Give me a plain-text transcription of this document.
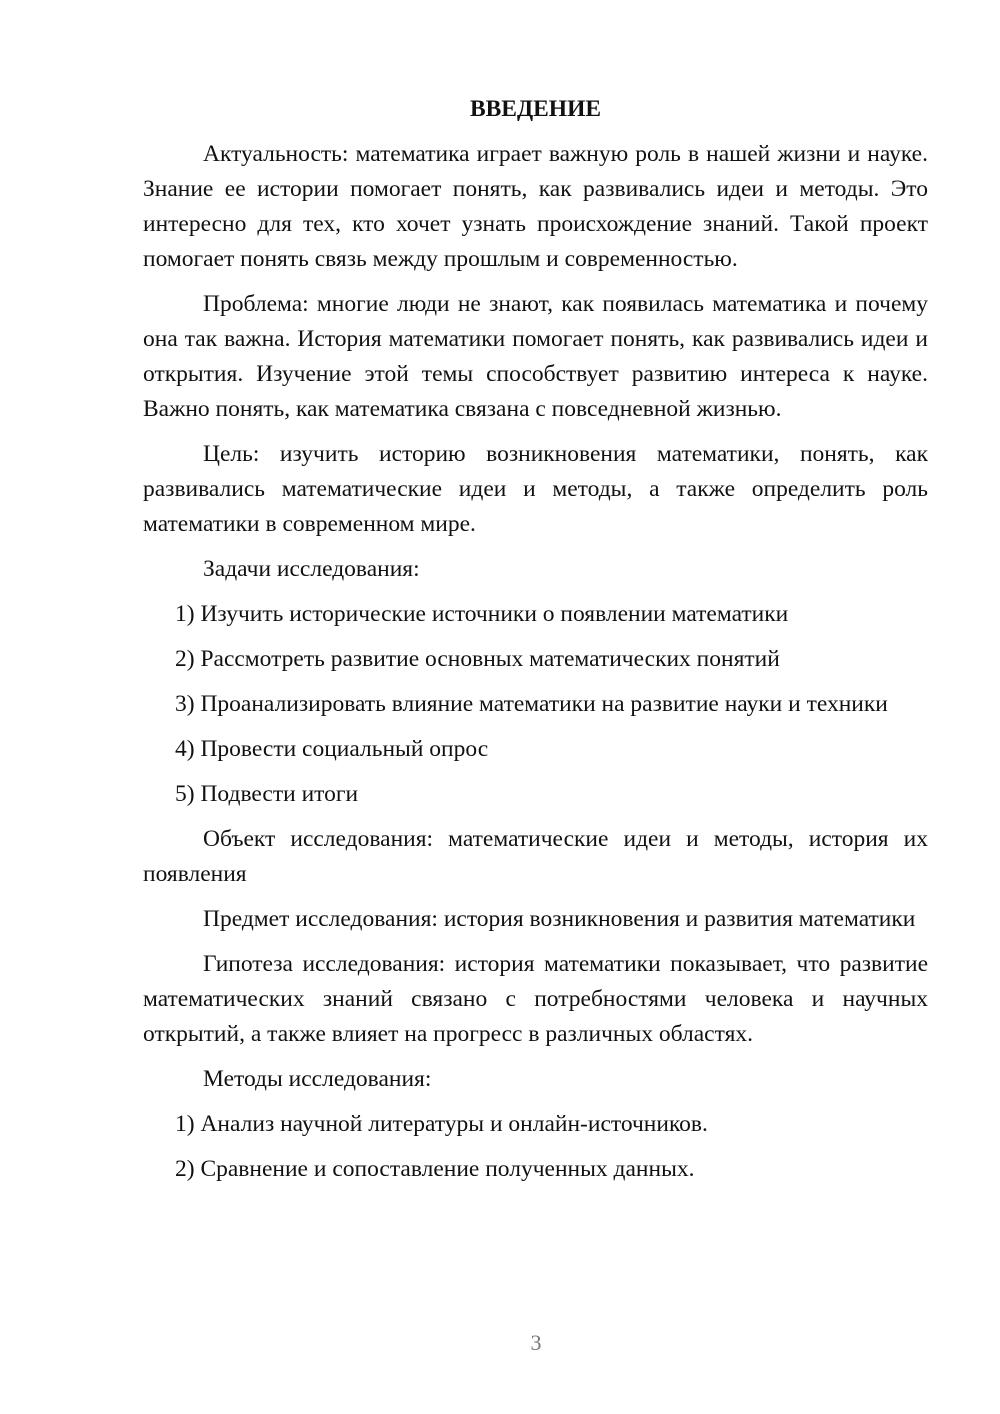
ВВЕДЕНИЕ

Актуальность: математика играет важную роль в нашей жизни и науке. Знание ее истории помогает понять, как развивались идеи и методы. Это интересно для тех, кто хочет узнать происхождение знаний. Такой проект помогает понять связь между прошлым и современностью.

Проблема: многие люди не знают, как появилась математика и почему она так важна. История математики помогает понять, как развивались идеи и открытия. Изучение этой темы способствует развитию интереса к науке. Важно понять, как математика связана с повседневной жизнью.

Цель: изучить историю возникновения математики, понять, как развивались математические идеи и методы, а также определить роль математики в современном мире.

Задачи исследования:

1) Изучить исторические источники о появлении математики

2) Рассмотреть развитие основных математических понятий

3) Проанализировать влияние математики на развитие науки и техники

4) Провести социальный опрос

5) Подвести итоги

Объект исследования: математические идеи и методы, история их появления

Предмет исследования: история возникновения и развития математики

Гипотеза исследования: история математики показывает, что развитие математических знаний связано с потребностями человека и научных открытий, а также влияет на прогресс в различных областях.

Методы исследования:

1) Анализ научной литературы и онлайн-источников.

2) Сравнение и сопоставление полученных данных.

3
